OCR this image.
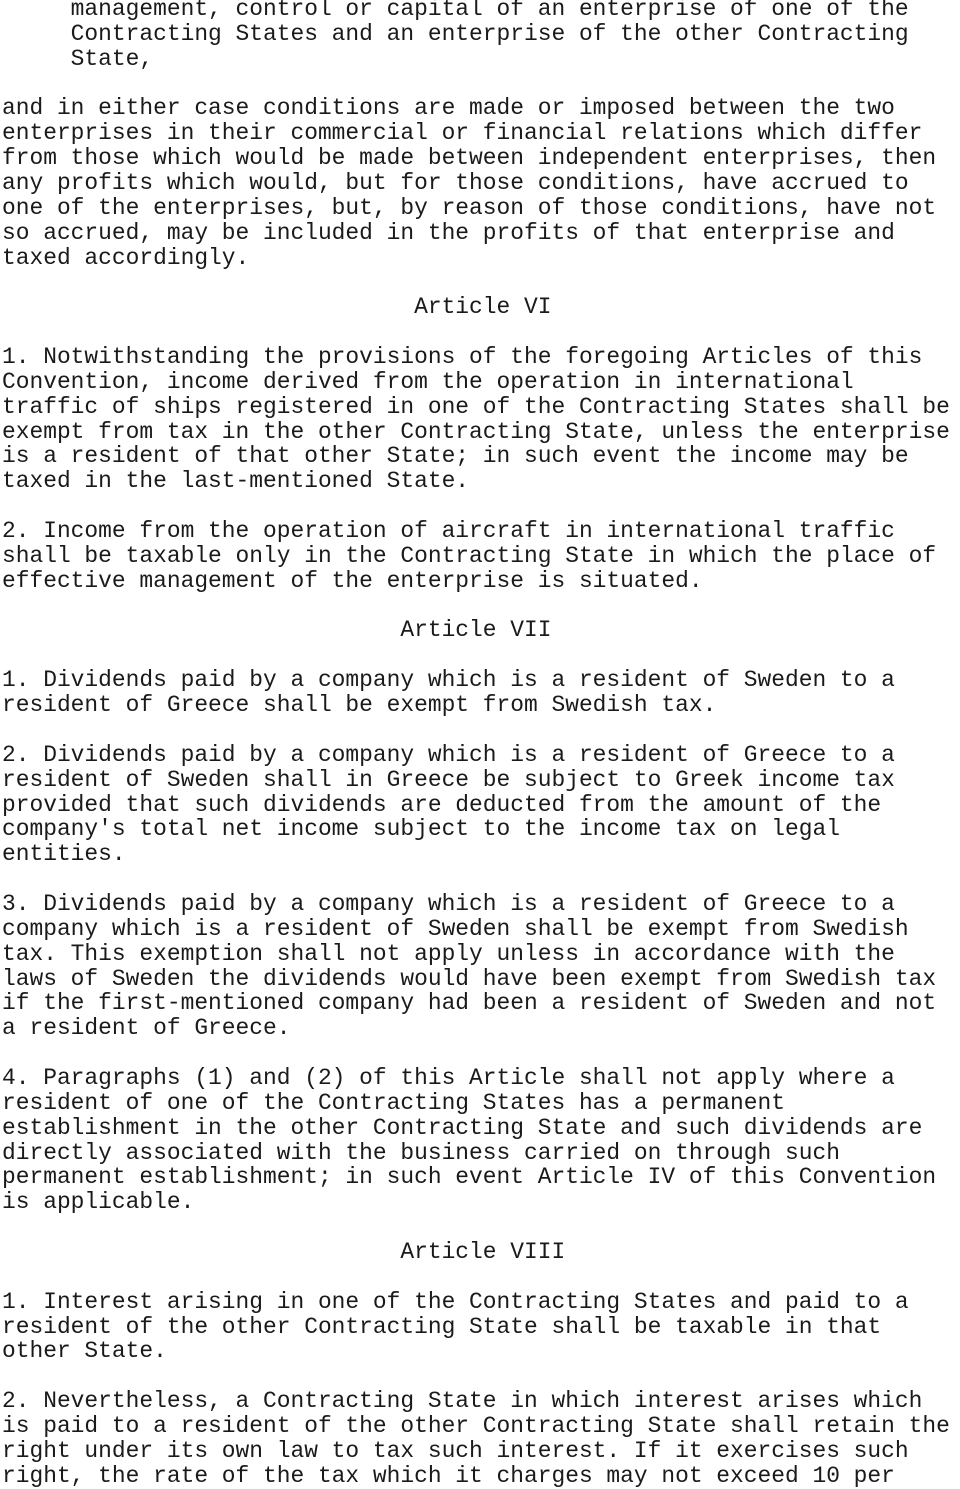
management, control or capital of an enterprise of one of the
Contracting States and an enterprise of the other Contracting
State,
and in either case conditions are made or imposed between the two
enterprises in their commercial or financial relations which differ
from those which would be made between independent enterprises, then
any profits which would, but for those conditions, have accrued to
one of the enterprises, but, by reason of those conditions, have not
so accrued, may be included in the profits of that enterprise and
taxed accordingly.
Article VI
1. Notwithstanding the provisions of the foregoing Articles of this
Convention, income derived from the operation in international
traffic of ships registered in one of the Contracting States shall be
exempt from tax in the other Contracting State, unless the enterprise
is a resident of that other State; in such event the income may be
taxed in the last-mentioned State.
2. Income from the operation of aircraft in international traffic
shall be taxable only in the Contracting State in which the place of
effective management of the enterprise is situated.
Article VII
1. Dividends paid by a company which is a resident of Sweden to a
resident of Greece shall be exempt from Swedish tax.
2. Dividends paid by a company which is a resident of Greece to a
resident of Sweden shall in Greece be subject to Greek income tax
provided that such dividends are deducted from the amount of the
company's total net income subject to the income tax on legal
entities.
3. Dividends paid by a company which is a resident of Greece to a
company which is a resident of Sweden shall be exempt from Swedish
tax. This exemption shall not apply unless in accordance with the
laws of Sweden the dividends would have been exempt from Swedish tax
if the first-mentioned company had been a resident of Sweden and not
a resident of Greece.
4. Paragraphs (1) and (2) of this Article shall not apply where a
resident of one of the Contracting States has a permanent
establishment in the other Contracting State and such dividends are
directly associated with the business carried on through such
permanent establishment; in such event Article IV of this Convention
is applicable.
Article VIII
1. Interest arising in one of the Contracting States and paid to a
resident of the other Contracting State shall be taxable in that
other State.
2. Nevertheless, a Contracting State in which interest arises which
is paid to a resident of the other Contracting State shall retain the
right under its own law to tax such interest. If it exercises such
right, the rate of the tax which it charges may not exceed 10 per
